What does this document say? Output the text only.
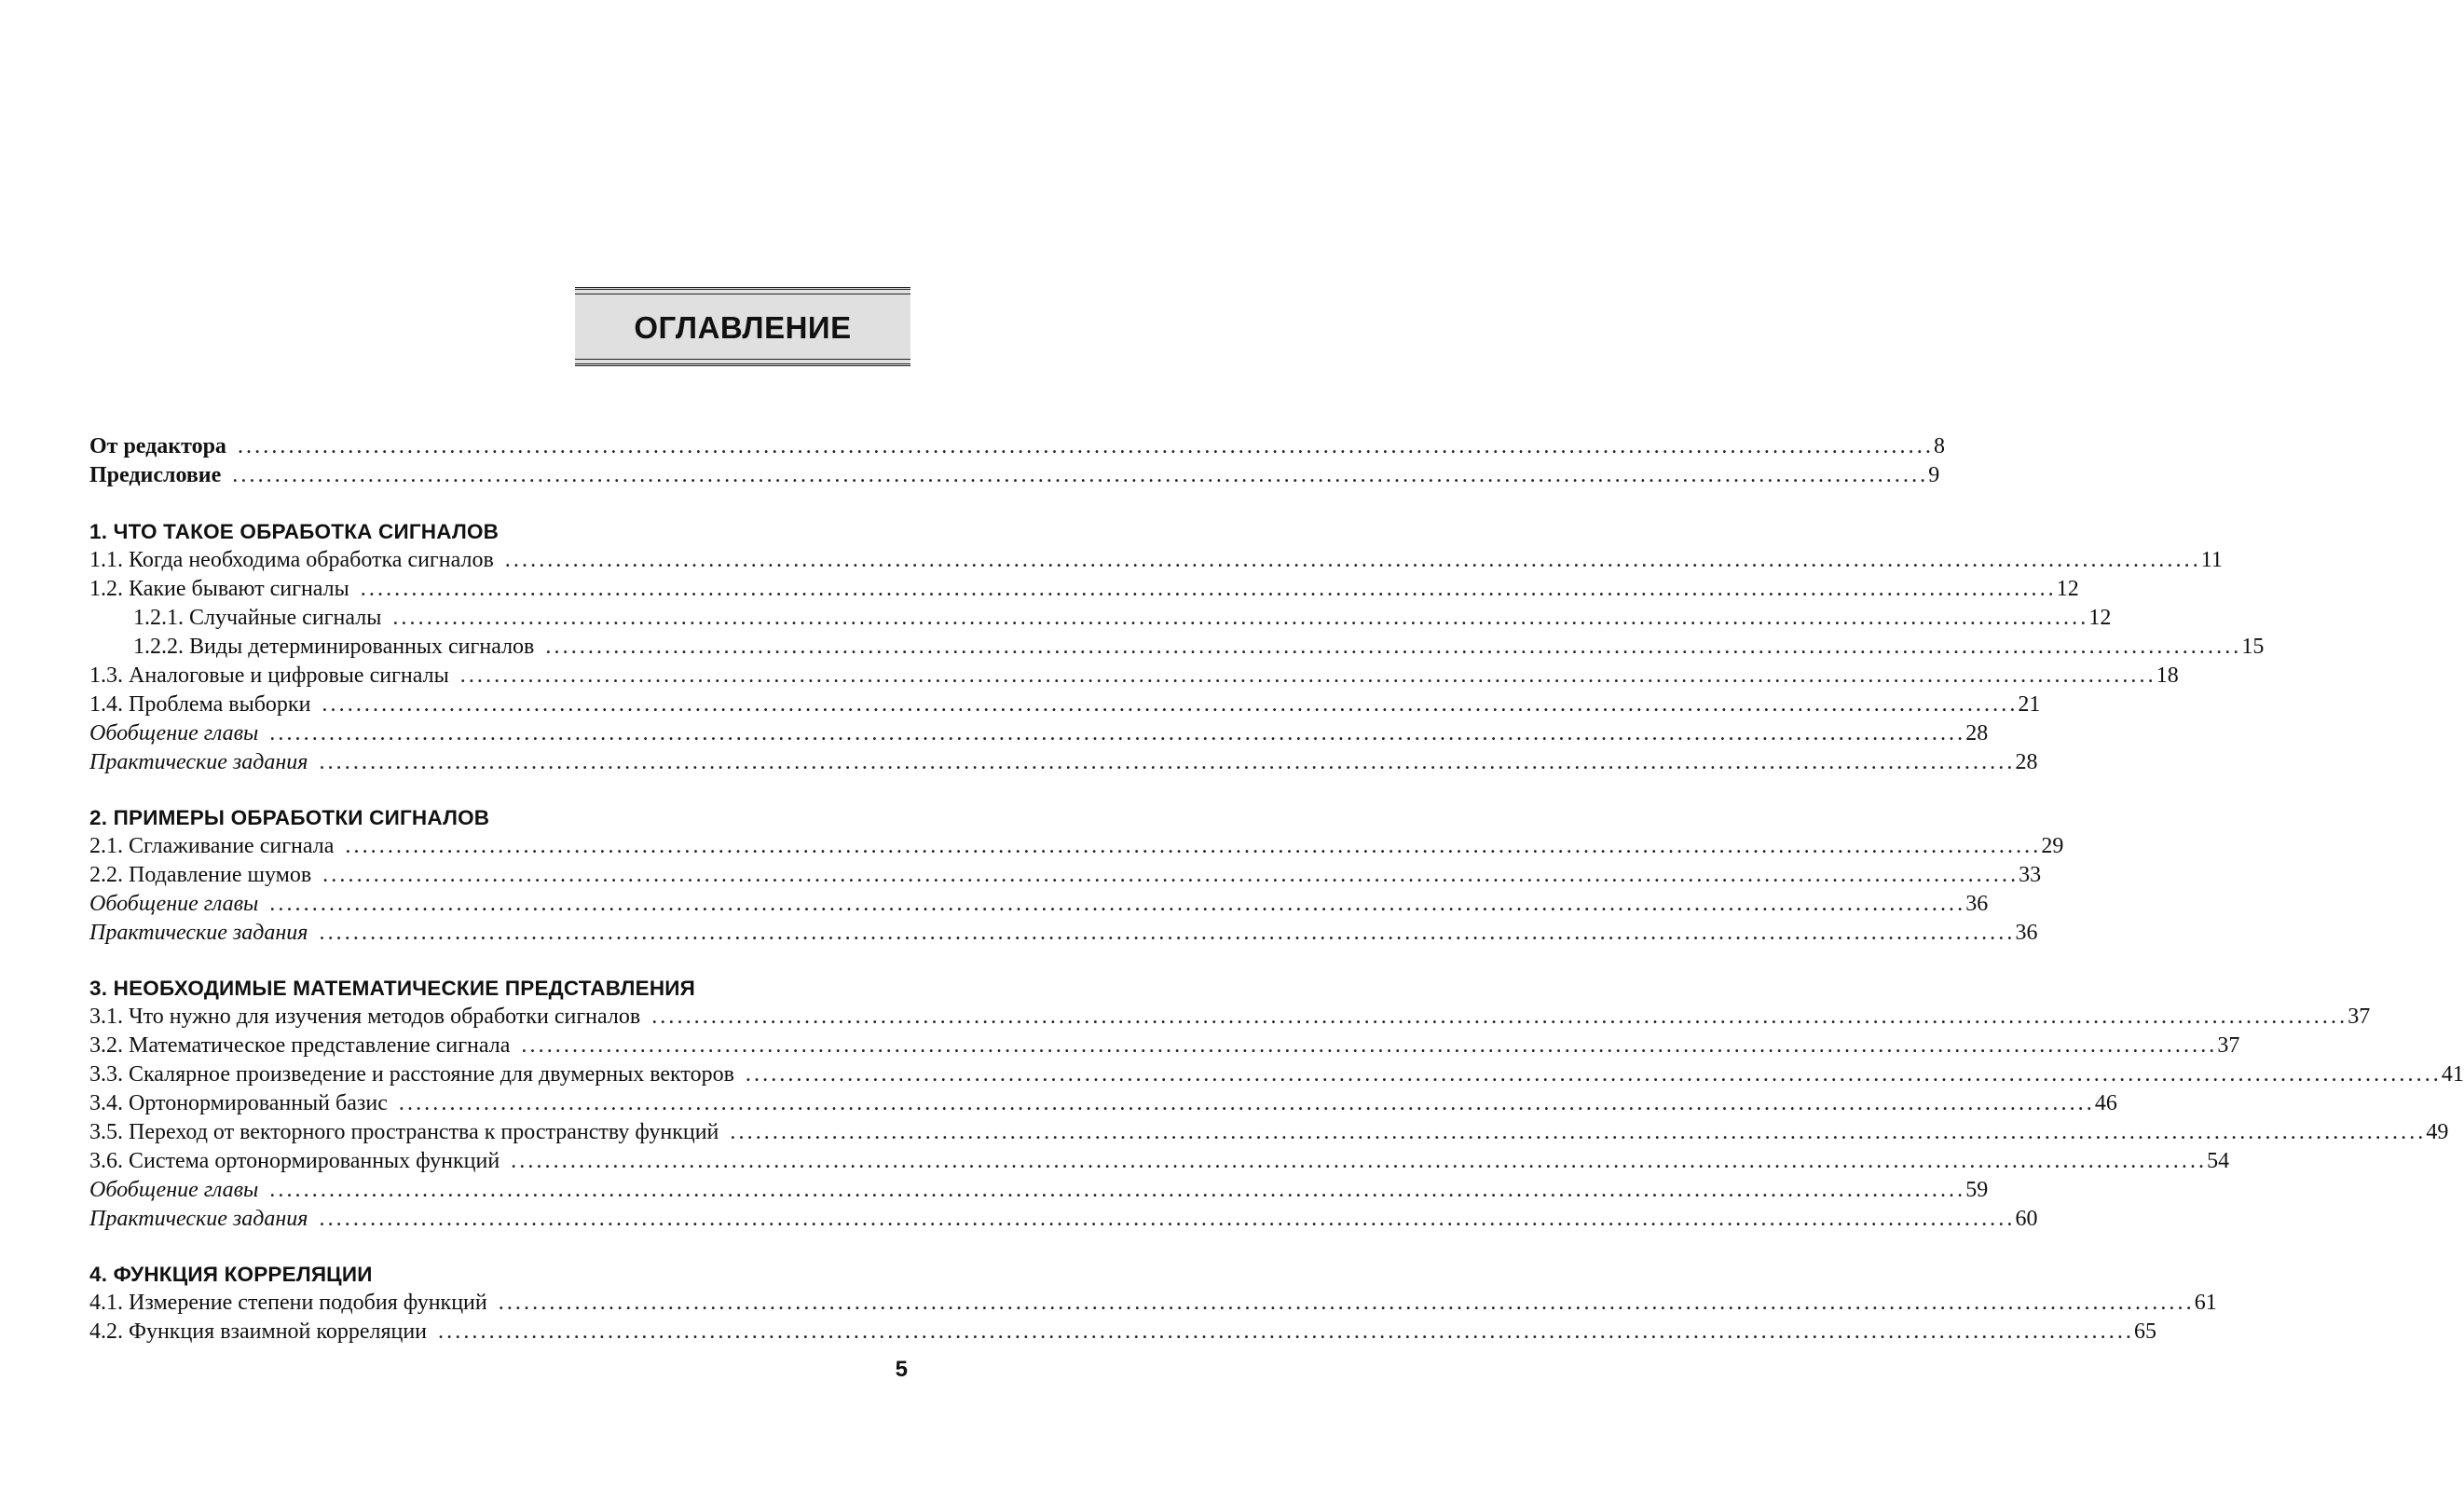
ОГЛАВЛЕНИЕ
От редактора ........................................................................................................................................................................................................ 8
Предисловие ........................................................................................................................................................................................................ 9
1. ЧТО ТАКОЕ ОБРАБОТКА СИГНАЛОВ
1.1. Когда необходима обработка сигналов ........................................................................................................................................................................................................ 11
1.2. Какие бывают сигналы ........................................................................................................................................................................................................ 12
1.2.1. Случайные сигналы ........................................................................................................................................................................................................ 12
1.2.2. Виды детерминированных сигналов ........................................................................................................................................................................................................ 15
1.3. Аналоговые и цифровые сигналы ........................................................................................................................................................................................................ 18
1.4. Проблема выборки ........................................................................................................................................................................................................ 21
Обобщение главы ........................................................................................................................................................................................................ 28
Практические задания ........................................................................................................................................................................................................ 28
2. ПРИМЕРЫ ОБРАБОТКИ СИГНАЛОВ
2.1. Сглаживание сигнала ........................................................................................................................................................................................................ 29
2.2. Подавление шумов ........................................................................................................................................................................................................ 33
Обобщение главы ........................................................................................................................................................................................................ 36
Практические задания ........................................................................................................................................................................................................ 36
3. НЕОБХОДИМЫЕ МАТЕМАТИЧЕСКИЕ ПРЕДСТАВЛЕНИЯ
3.1. Что нужно для изучения методов обработки сигналов ........................................................................................................................................................................................................ 37
3.2. Математическое представление сигнала ........................................................................................................................................................................................................ 37
3.3. Скалярное произведение и расстояние для двумерных векторов ........................................................................................................................................................................................................ 41
3.4. Ортонормированный базис ........................................................................................................................................................................................................ 46
3.5. Переход от векторного пространства к пространству функций ........................................................................................................................................................................................................ 49
3.6. Система ортонормированных функций ........................................................................................................................................................................................................ 54
Обобщение главы ........................................................................................................................................................................................................ 59
Практические задания ........................................................................................................................................................................................................ 60
4. ФУНКЦИЯ КОРРЕЛЯЦИИ
4.1. Измерение степени подобия функций ........................................................................................................................................................................................................ 61
4.2. Функция взаимной корреляции ........................................................................................................................................................................................................ 65
5
